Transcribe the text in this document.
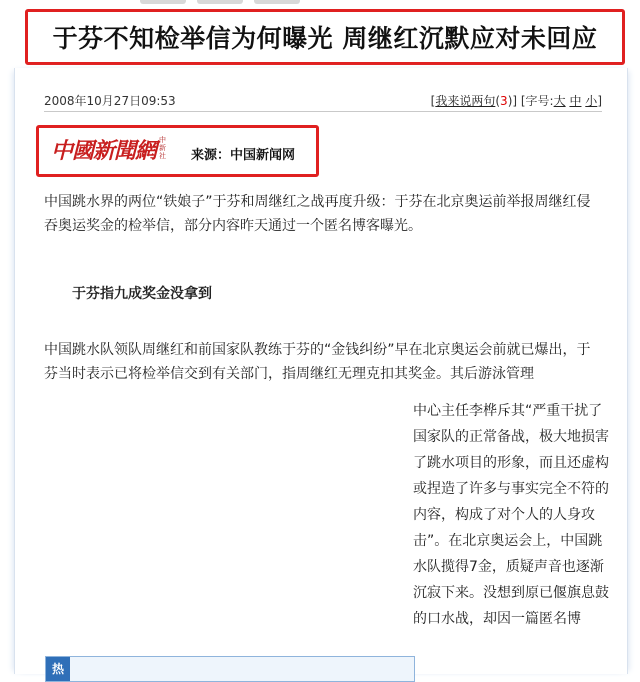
于芬不知检举信为何曝光 周继红沉默应对未回应
2008年10月27日09:53	[我来说两句(3)] [字号:大 中 小]
中國新聞網 中新社	来源：中国新闻网
中国跳水界的两位“铁娘子”于芬和周继红之战再度升级：于芬在北京奥运前举报周继红侵吞奥运奖金的检举信，部分内容昨天通过一个匿名博客曝光。
于芬指九成奖金没拿到
中国跳水队领队周继红和前国家队教练于芬的“金钱纠纷”早在北京奥运会前就已爆出，于芬当时表示已将检举信交到有关部门，指周继红无理克扣其奖金。其后游泳管理
中心主任李桦斥其“严重干扰了国家队的正常备战，极大地损害了跳水项目的形象，而且还虚构或捏造了许多与事实完全不符的内容，构成了对个人的人身攻击”。在北京奥运会上，中国跳水队揽得7金，质疑声音也逐渐沉寂下来。没想到原已偃旗息鼓的口水战，却因一篇匿名博
热
